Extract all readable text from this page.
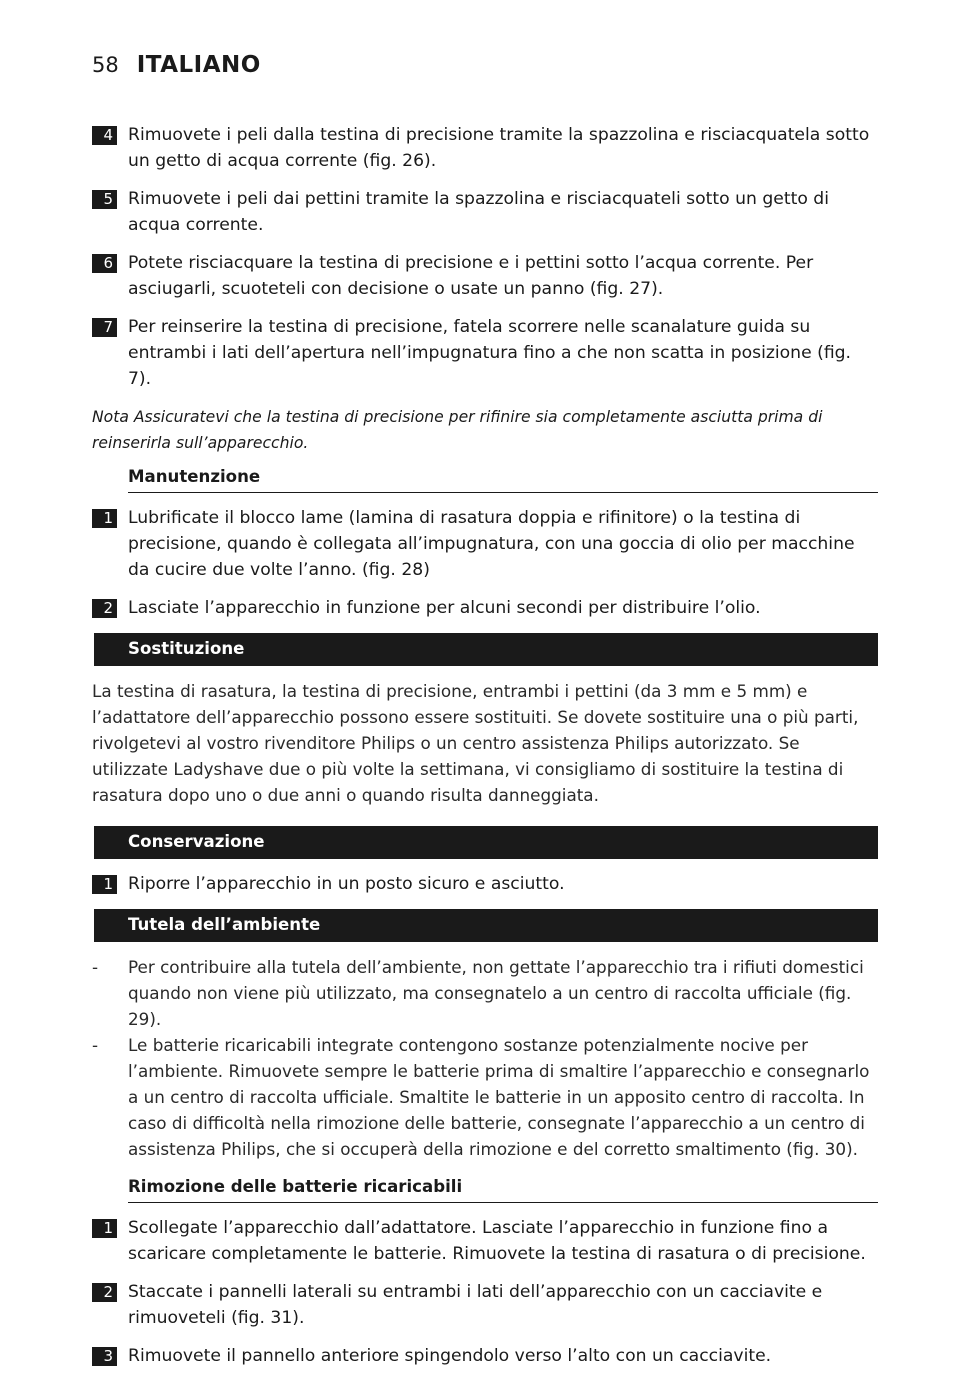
58 ITALIANO
4 Rimuovete i peli dalla testina di precisione tramite la spazzolina e risciacquatela sotto un getto di acqua corrente (fig. 26).
5 Rimuovete i peli dai pettini tramite la spazzolina e risciacquateli sotto un getto di acqua corrente.
6 Potete risciacquare la testina di precisione e i pettini sotto l’acqua corrente. Per asciugarli, scuoteteli con decisione o usate un panno (fig. 27).
7 Per reinserire la testina di precisione, fatela scorrere nelle scanalature guida su entrambi i lati dell’apertura nell’impugnatura fino a che non scatta in posizione (fig. 7).
Nota Assicuratevi che la testina di precisione per rifinire sia completamente asciutta prima di reinserirla sull’apparecchio.
Manutenzione
1 Lubrificate il blocco lame (lamina di rasatura doppia e rifinitore) o la testina di precisione, quando è collegata all’impugnatura, con una goccia di olio per macchine da cucire due volte l’anno. (fig. 28)
2 Lasciate l’apparecchio in funzione per alcuni secondi per distribuire l’olio.
Sostituzione

La testina di rasatura, la testina di precisione, entrambi i pettini (da 3 mm e 5 mm) e l’adattatore dell’apparecchio possono essere sostituiti. Se dovete sostituire una o più parti, rivolgetevi al vostro rivenditore Philips o un centro assistenza Philips autorizzato. Se utilizzate Ladyshave due o più volte la settimana, vi consigliamo di sostituire la testina di rasatura dopo uno o due anni o quando risulta danneggiata.

Conservazione
1 Riporre l’apparecchio in un posto sicuro e asciutto.
Tutela dell’ambiente
-	Per contribuire alla tutela dell’ambiente, non gettate l’apparecchio tra i rifiuti domestici quando non viene più utilizzato, ma consegnatelo a un centro di raccolta ufficiale (fig. 29).
-	Le batterie ricaricabili integrate contengono sostanze potenzialmente nocive per l’ambiente. Rimuovete sempre le batterie prima di smaltire l’apparecchio e consegnarlo a un centro di raccolta ufficiale. Smaltite le batterie in un apposito centro di raccolta. In caso di difficoltà nella rimozione delle batterie, consegnate l’apparecchio a un centro di assistenza Philips, che si occuperà della rimozione e del corretto smaltimento (fig. 30).
Rimozione delle batterie ricaricabili
1 Scollegate l’apparecchio dall’adattatore. Lasciate l’apparecchio in funzione fino a scaricare completamente le batterie. Rimuovete la testina di rasatura o di precisione.
2 Staccate i pannelli laterali su entrambi i lati dell’apparecchio con un cacciavite e rimuoveteli (fig. 31).
3 Rimuovete il pannello anteriore spingendolo verso l’alto con un cacciavite.
